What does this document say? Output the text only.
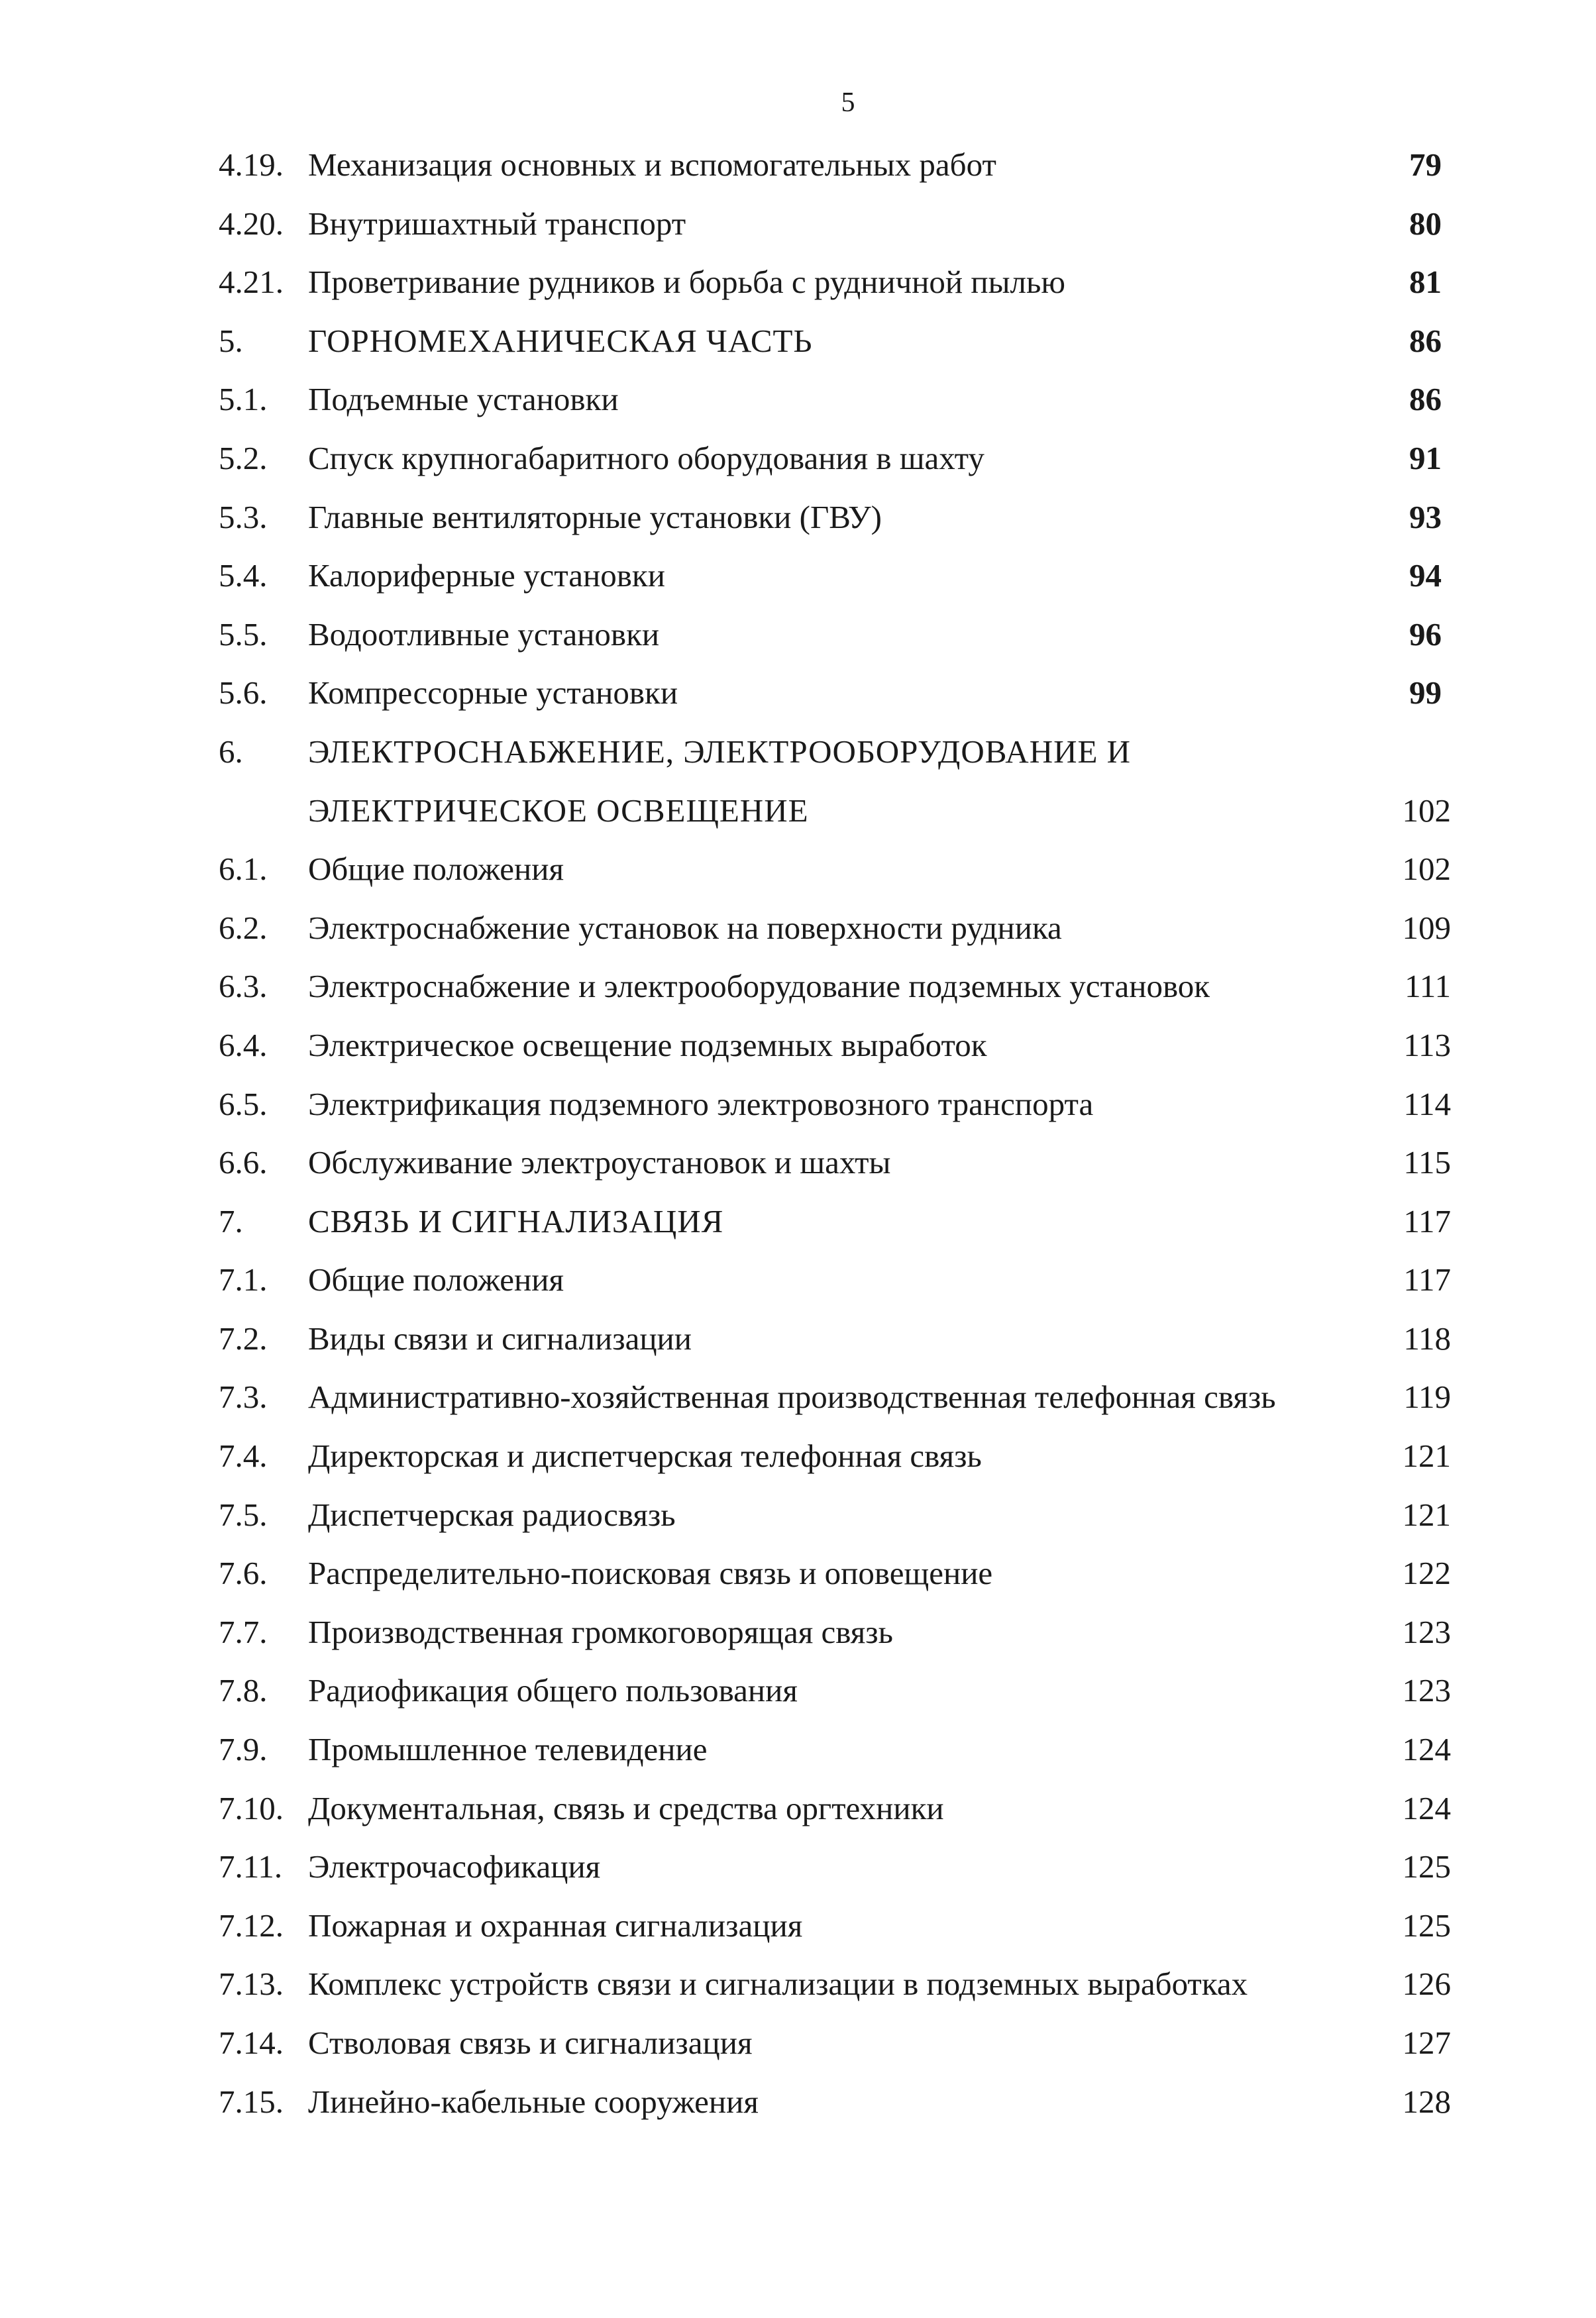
5
4.19. Механизация основных и вспомогательных работ	79
4.20. Внутришахтный транспорт	80
4.21. Проветривание рудников и борьба с рудничной пылью	81
5. ГОРНОМЕХАНИЧЕСКАЯ ЧАСТЬ	86
5.1. Подъемные установки	86
5.2. Спуск крупногабаритного оборудования в шахту	91
5.3. Главные вентиляторные установки (ГВУ)	93
5.4. Калориферные установки	94
5.5. Водоотливные установки	96
5.6. Компрессорные установки	99
6. ЭЛЕКТРОСНАБЖЕНИЕ, ЭЛЕКТРООБОРУДОВАНИЕ И
ЭЛЕКТРИЧЕСКОЕ ОСВЕЩЕНИЕ	102
6.1. Общие положения	102
6.2. Электроснабжение установок на поверхности рудника	109
6.3. Электроснабжение и электрооборудование подземных установок	111
6.4. Электрическое освещение подземных выработок	113
6.5. Электрификация подземного электровозного транспорта	114
6.6. Обслуживание электроустановок и шахты	115
7. СВЯЗЬ И СИГНАЛИЗАЦИЯ	117
7.1. Общие положения	117
7.2. Виды связи и сигнализации	118
7.3. Административно-хозяйственная производственная телефонная связь	119
7.4. Директорская и диспетчерская телефонная связь	121
7.5. Диспетчерская радиосвязь	121
7.6. Распределительно-поисковая связь и оповещение	122
7.7. Производственная громкоговорящая связь	123
7.8. Радиофикация общего пользования	123
7.9. Промышленное телевидение	124
7.10. Документальная, связь и средства оргтехники	124
7.11. Электрочасофикация	125
7.12. Пожарная и охранная сигнализация	125
7.13. Комплекс устройств связи и сигнализации в подземных выработках	126
7.14. Стволовая связь и сигнализация	127
7.15. Линейно-кабельные сооружения	128
